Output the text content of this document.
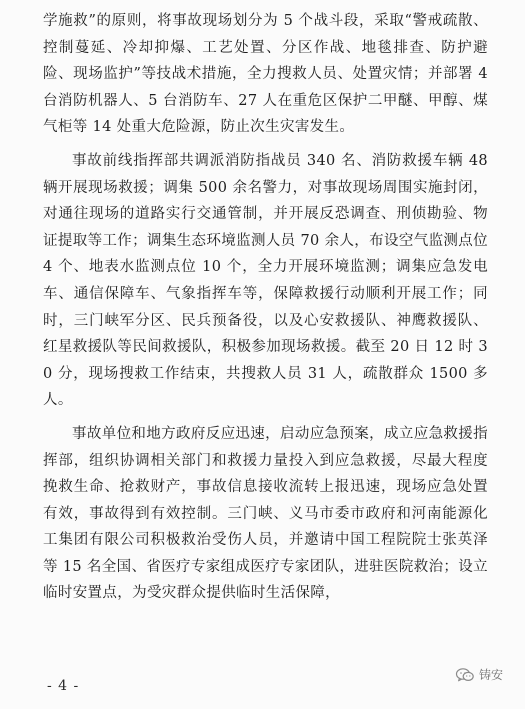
学施救”的原则，将事故现场划分为 5 个战斗段，采取“警戒疏散、控制蔓延、冷却抑爆、工艺处置、分区作战、地毯排查、防护避险、现场监护”等技战术措施，全力搜救人员、处置灾情；并部署 4 台消防机器人、5 台消防车、27 人在重危区保护二甲醚、甲醇、煤气柜等 14 处重大危险源，防止次生灾害发生。

事故前线指挥部共调派消防指战员 340 名、消防救援车辆 48 辆开展现场救援；调集 500 余名警力，对事故现场周围实施封闭，对通往现场的道路实行交通管制，并开展反恐调查、刑侦勘验、物证提取等工作；调集生态环境监测人员 70 余人，布设空气监测点位 4 个、地表水监测点位 10 个，全力开展环境监测；调集应急发电车、通信保障车、气象指挥车等，保障救援行动顺利开展工作；同时，三门峡军分区、民兵预备役，以及心安救援队、神鹰救援队、红星救援队等民间救援队，积极参加现场救援。截至 20 日 12 时 30 分，现场搜救工作结束，共搜救人员 31 人，疏散群众 1500 多人。

事故单位和地方政府反应迅速，启动应急预案，成立应急救援指挥部，组织协调相关部门和救援力量投入到应急救援，尽最大程度挽救生命、抢救财产，事故信息接收流转上报迅速，现场应急处置有效，事故得到有效控制。三门峡、义马市委市政府和河南能源化工集团有限公司积极救治受伤人员，并邀请中国工程院院士张英泽等 15 名全国、省医疗专家组成医疗专家团队，进驻医院救治；设立临时安置点，为受灾群众提供临时生活保障，

- 4 -
铸安
